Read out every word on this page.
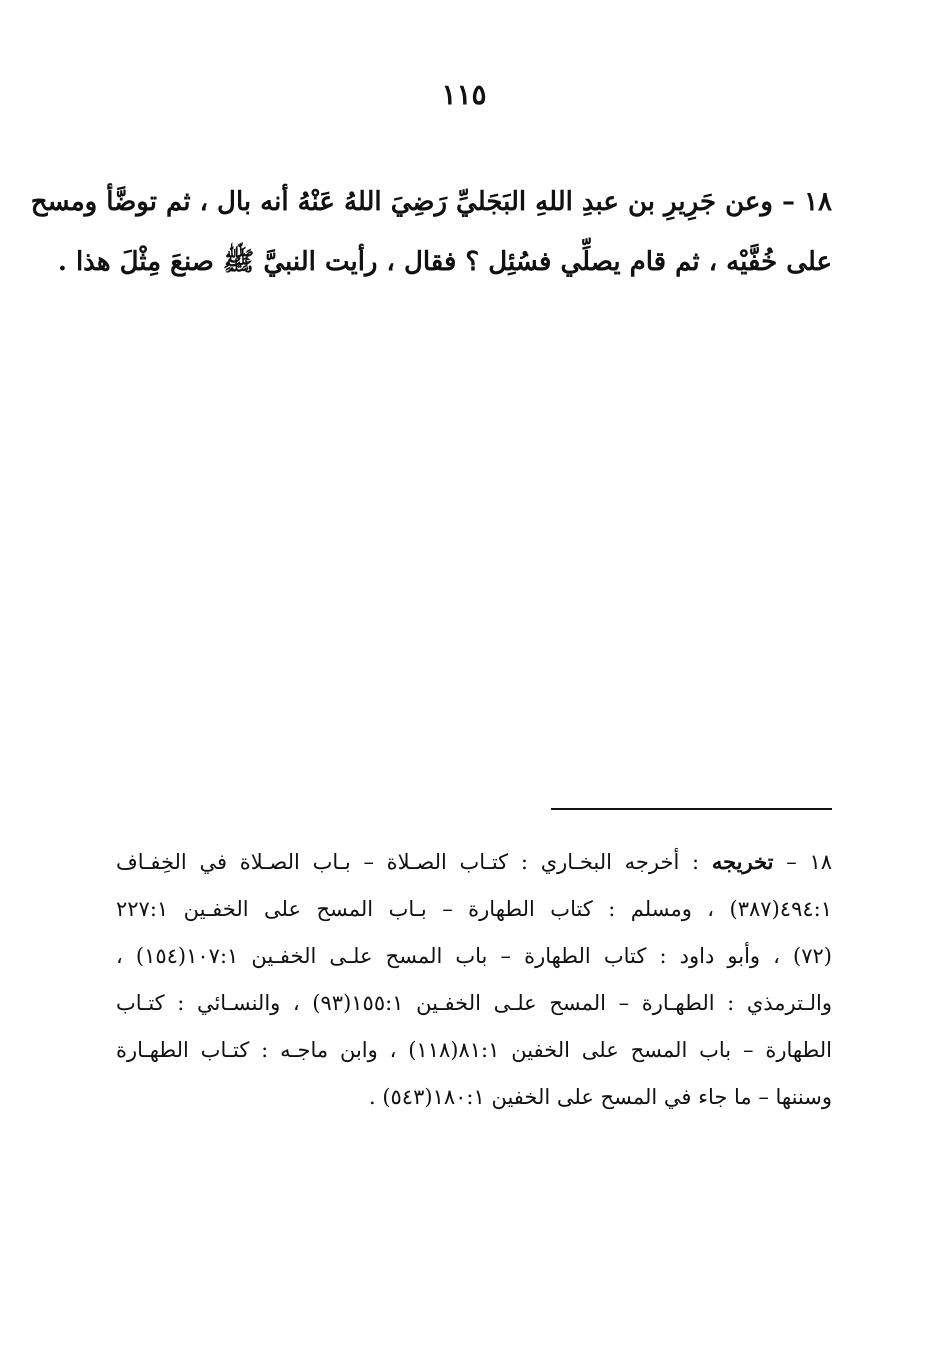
١١٥
١٨ – وعن جَرِيرِ بن عبدِ اللهِ البَجَليِّ رَضِيَ اللهُ عَنْهُ أنه بال ، ثم توضَّأ ومسح
على خُفَّيْه ، ثم قام يصلِّي فسُئِل ؟ فقال ، رأيت النبيَّ ﷺ صنعَ مِثْلَ هذا .
١٨ – تخريجه : أخرجه البخـاري : كتـاب الصـلاة – بـاب الصـلاة في الخِفـاف
٤٩٤:١(٣٨٧) ، ومسلم : كتاب الطهارة – بـاب المسح على الخفـين ٢٢٧:١
(٧٢) ، وأبو داود : كتاب الطهارة – باب المسح علـى الخفـين ١٠٧:١(١٥٤) ،
والـترمذي : الطهـارة – المسح علـى الخفـين ١٥٥:١(٩٣) ، والنسـائي : كتـاب
الطهارة – باب المسح على الخفين ٨١:١(١١٨) ، وابن ماجـه : كتـاب الطهـارة
وسننها – ما جاء في المسح على الخفين ١٨٠:١(٥٤٣) .
